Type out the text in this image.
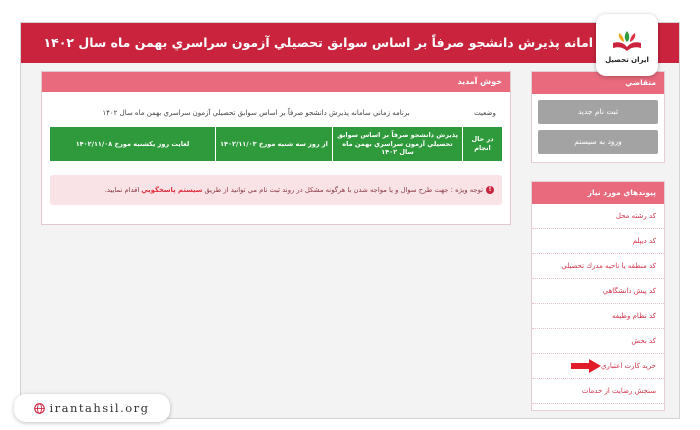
امانه پذيرش دانشجو صرفاً بر اساس سوابق تحصيلي آزمون سراسري بهمن ماه سال ۱۴۰۲
خوش آمديد
وضعيت
برنامه زماني سامانه پذيرش دانشجو صرفاً بر اساس سوابق تحصيلي آزمون سراسري بهمن ماه سال ۱۴۰۲
در حال انجام
پذيرش دانشجو صرفاً بر اساس سوابق تحصيلي آزمون سراسري بهمن ماه سال ۱۴۰۲
از روز سه شنبه مورخ ۱۴۰۲/۱۱/۰۳
لغايت روز يكشنبه مورخ ۱۴۰۲/۱۱/۰۸
!
توجه ويژه : جهت طرح سوال و يا مواجه شدن با هرگونه مشكل در روند ثبت نام مي توانيد از طريق
سيستم پاسخگويي
اقدام نماييد.
متقاضي
ثبت نام جديد
ورود به سيستم
پيوندهاي مورد نياز
كد رشته محل
كد ديپلم
كد منطقه يا ناحيه مدرك تحصيلي
كد پيش دانشگاهي
كد نظام وظيفه
كد بخش
خريد كارت اعتباري
سنجش رضايت از خدمات
ایران تحصیل
irantahsil.org
